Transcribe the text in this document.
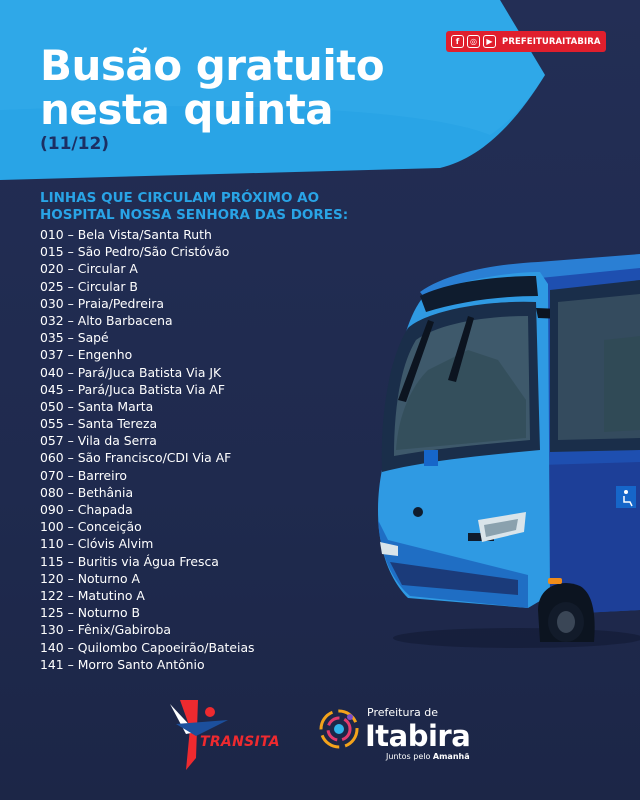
f	◎	▶	PREFEITURAITABIRA
Busão gratuito
nesta quinta
(11/12)
LINHAS QUE CIRCULAM PRÓXIMO AO
HOSPITAL NOSSA SENHORA DAS DORES:
010 – Bela Vista/Santa Ruth
015 – São Pedro/São Cristóvão
020 – Circular A
025 – Circular B
030 – Praia/Pedreira
032 – Alto Barbacena
035 – Sapé
037 – Engenho
040 – Pará/Juca Batista Via JK
045 – Pará/Juca Batista Via AF
050 – Santa Marta
055 – Santa Tereza
057 – Vila da Serra
060 – São Francisco/CDI Via AF
070 – Barreiro
080 – Bethânia
090 – Chapada
100 – Conceição
110 – Clóvis Alvim
115 – Buritis via Água Fresca
120 – Noturno A
122 – Matutino A
125 – Noturno B
130 – Fênix/Gabiroba
140 – Quilombo Capoeirão/Bateias
141 – Morro Santo Antônio
TRANSITA
Prefeitura de
Itabira
Juntos pelo Amanhã
